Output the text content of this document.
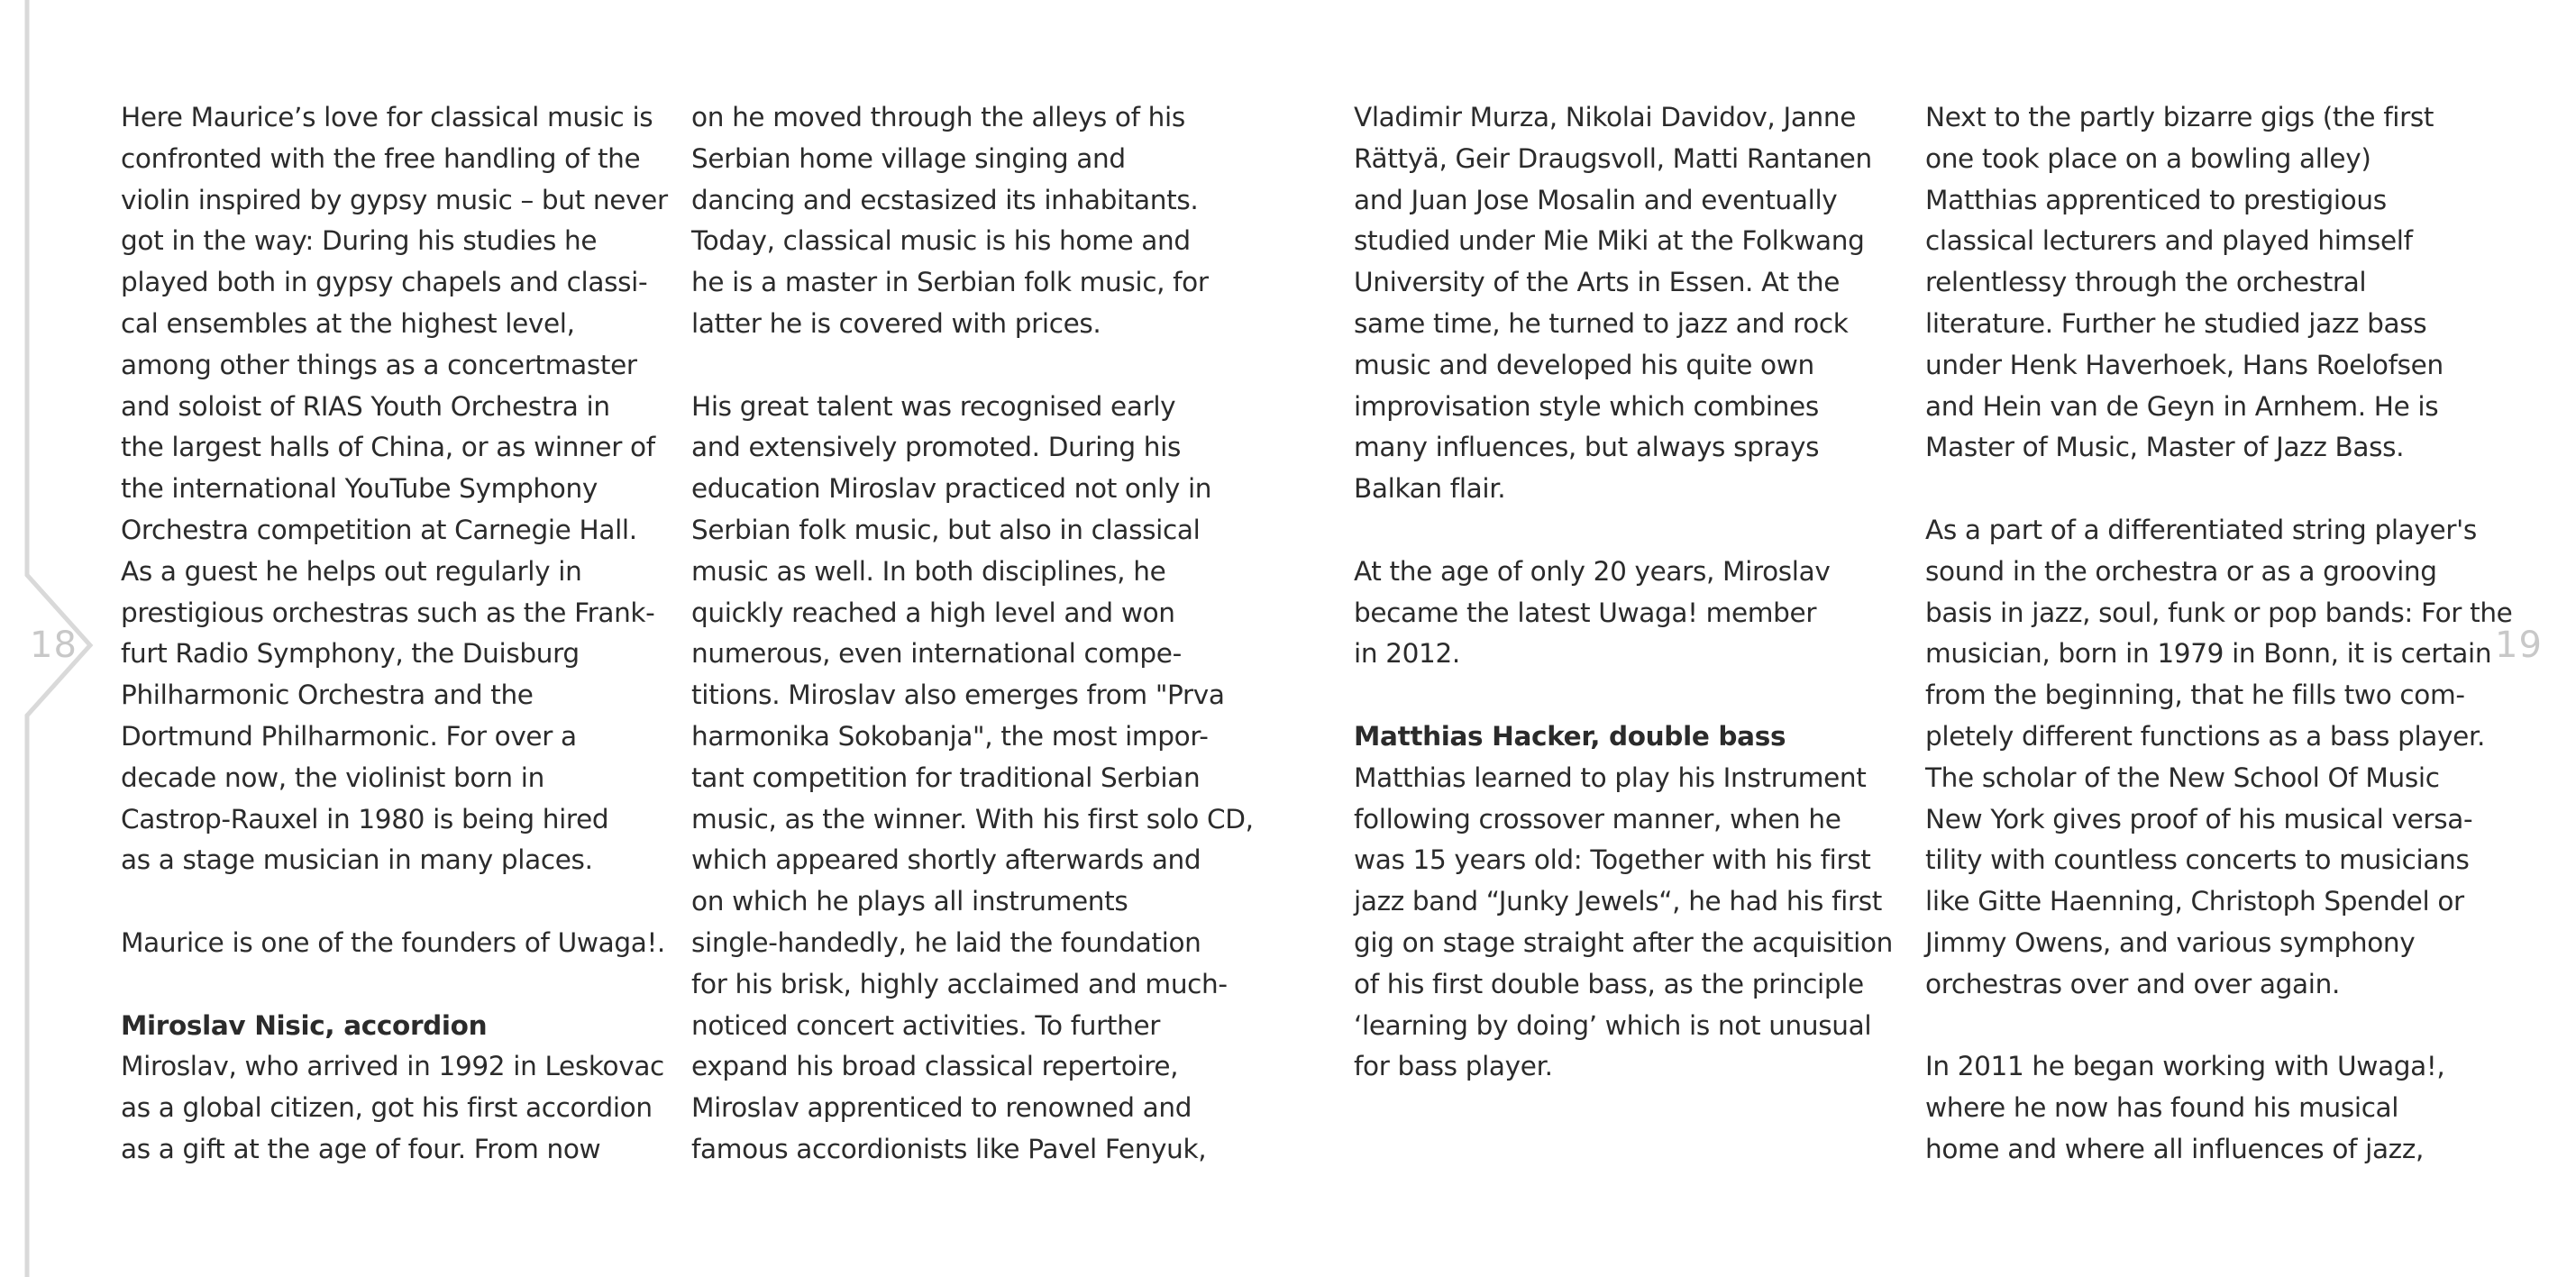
18	19
Here Maurice’s love for classical music is
confronted with the free handling of the
violin inspired by gypsy music – but never
got in the way: During his studies he
played both in gypsy chapels and classi-
cal ensembles at the highest level,
among other things as a concertmaster
and soloist of RIAS Youth Orchestra in
the largest halls of China, or as winner of
the international YouTube Symphony
Orchestra competition at Carnegie Hall.
As a guest he helps out regularly in
prestigious orchestras such as the Frank-
furt Radio Symphony, the Duisburg
Philharmonic Orchestra and the
Dortmund Philharmonic. For over a
decade now, the violinist born in
Castrop-Rauxel in 1980 is being hired
as a stage musician in many places.
Maurice is one of the founders of Uwaga!.
Miroslav Nisic, accordion
Miroslav, who arrived in 1992 in Leskovac
as a global citizen, got his first accordion
as a gift at the age of four. From now
on he moved through the alleys of his
Serbian home village singing and
dancing and ecstasized its inhabitants.
Today, classical music is his home and
he is a master in Serbian folk music, for
latter he is covered with prices.
His great talent was recognised early
and extensively promoted. During his
education Miroslav practiced not only in
Serbian folk music, but also in classical
music as well. In both disciplines, he
quickly reached a high level and won
numerous, even international compe-
titions. Miroslav also emerges from "Prva
harmonika Sokobanja", the most impor-
tant competition for traditional Serbian
music, as the winner. With his first solo CD,
which appeared shortly afterwards and
on which he plays all instruments
single-handedly, he laid the foundation
for his brisk, highly acclaimed and much-
noticed concert activities. To further
expand his broad classical repertoire,
Miroslav apprenticed to renowned and
famous accordionists like Pavel Fenyuk,
Vladimir Murza, Nikolai Davidov, Janne
Rättyä, Geir Draugsvoll, Matti Rantanen
and Juan Jose Mosalin and eventually
studied under Mie Miki at the Folkwang
University of the Arts in Essen. At the
same time, he turned to jazz and rock
music and developed his quite own
improvisation style which combines
many influences, but always sprays
Balkan flair.
At the age of only 20 years, Miroslav
became the latest Uwaga! member
in 2012.
Matthias Hacker, double bass
Matthias learned to play his Instrument
following crossover manner, when he
was 15 years old: Together with his first
jazz band “Junky Jewels“, he had his first
gig on stage straight after the acquisition
of his first double bass, as the principle
‘learning by doing’ which is not unusual
for bass player.
Next to the partly bizarre gigs (the first
one took place on a bowling alley)
Matthias apprenticed to prestigious
classical lecturers and played himself
relentlessy through the orchestral
literature. Further he studied jazz bass
under Henk Haverhoek, Hans Roelofsen
and Hein van de Geyn in Arnhem. He is
Master of Music, Master of Jazz Bass.
As a part of a differentiated string player's
sound in the orchestra or as a grooving
basis in jazz, soul, funk or pop bands: For the
musician, born in 1979 in Bonn, it is certain
from the beginning, that he fills two com-
pletely different functions as a bass player.
The scholar of the New School Of Music
New York gives proof of his musical versa-
tility with countless concerts to musicians
like Gitte Haenning, Christoph Spendel or
Jimmy Owens, and various symphony
orchestras over and over again.
In 2011 he began working with Uwaga!,
where he now has found his musical
home and where all influences of jazz,
